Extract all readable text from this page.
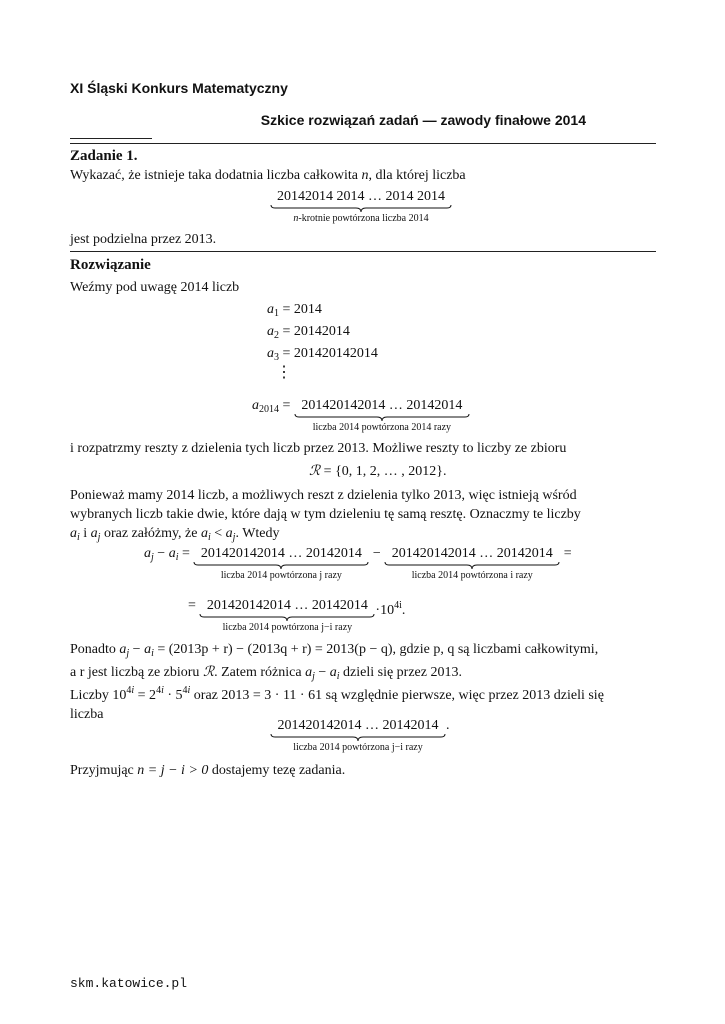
XI Śląski Konkurs Matematyczny
Szkice rozwiązań zadań — zawody finałowe 2014
Zadanie 1.
Wykazać, że istnieje taka dodatnia liczba całkowita n, dla której liczba
20142014 2014 … 2014 2014
n-krotnie powtórzona liczba 2014
jest podzielna przez 2013.
Rozwiązanie
Weźmy pod uwagę 2014 liczb
$a_1 = 2014$
$a_2 = 20142014$
$a_3 = 201420142014$
⋮
$a_{2014} = 201420142014$ … 20142014
liczba 2014 powtórzona 2014 razy
i rozpatrzmy reszty z dzielenia tych liczb przez 2013. Możliwe reszty to liczby ze zbioru
ℛ = {0, 1, 2, … , 2012}.
Ponieważ mamy 2014 liczb, a możliwych reszt z dzielenia tylko 2013, więc istnieją wśród
wybranych liczb takie dwie, które dają w tym dzieleniu tę samą resztę. Oznaczmy te liczby
$a_i$ i $a_j$ oraz załóżmy, że $a_i < a_j$. Wtedy
$a_j - a_i = 201420142014$ … 20142014
liczba 2014 powtórzona j razy
− 201420142014 … 20142014
liczba 2014 powtórzona i razy
=
= 201420142014 … 20142014
liczba 2014 powtórzona j−i razy
$\cdot 10^{4i}$.
Ponadto $a_j - a_i = (2013p + r) - (2013q + r) = 2013(p - q)$, gdzie p, q są liczbami całkowitymi,
a r jest liczbą ze zbioru ℛ. Zatem różnica $a_j - a_i$ dzieli się przez 2013.
Liczby $10^{4i} = 2^{4i} \cdot 5^{4i}$ oraz 2013 = 3 · 11 · 61 są względnie pierwsze, więc przez 2013 dzieli się
liczba
201420142014 … 20142014
liczba 2014 powtórzona j−i razy
.
Przyjmując n = j − i > 0 dostajemy tezę zadania.
skm.katowice.pl
